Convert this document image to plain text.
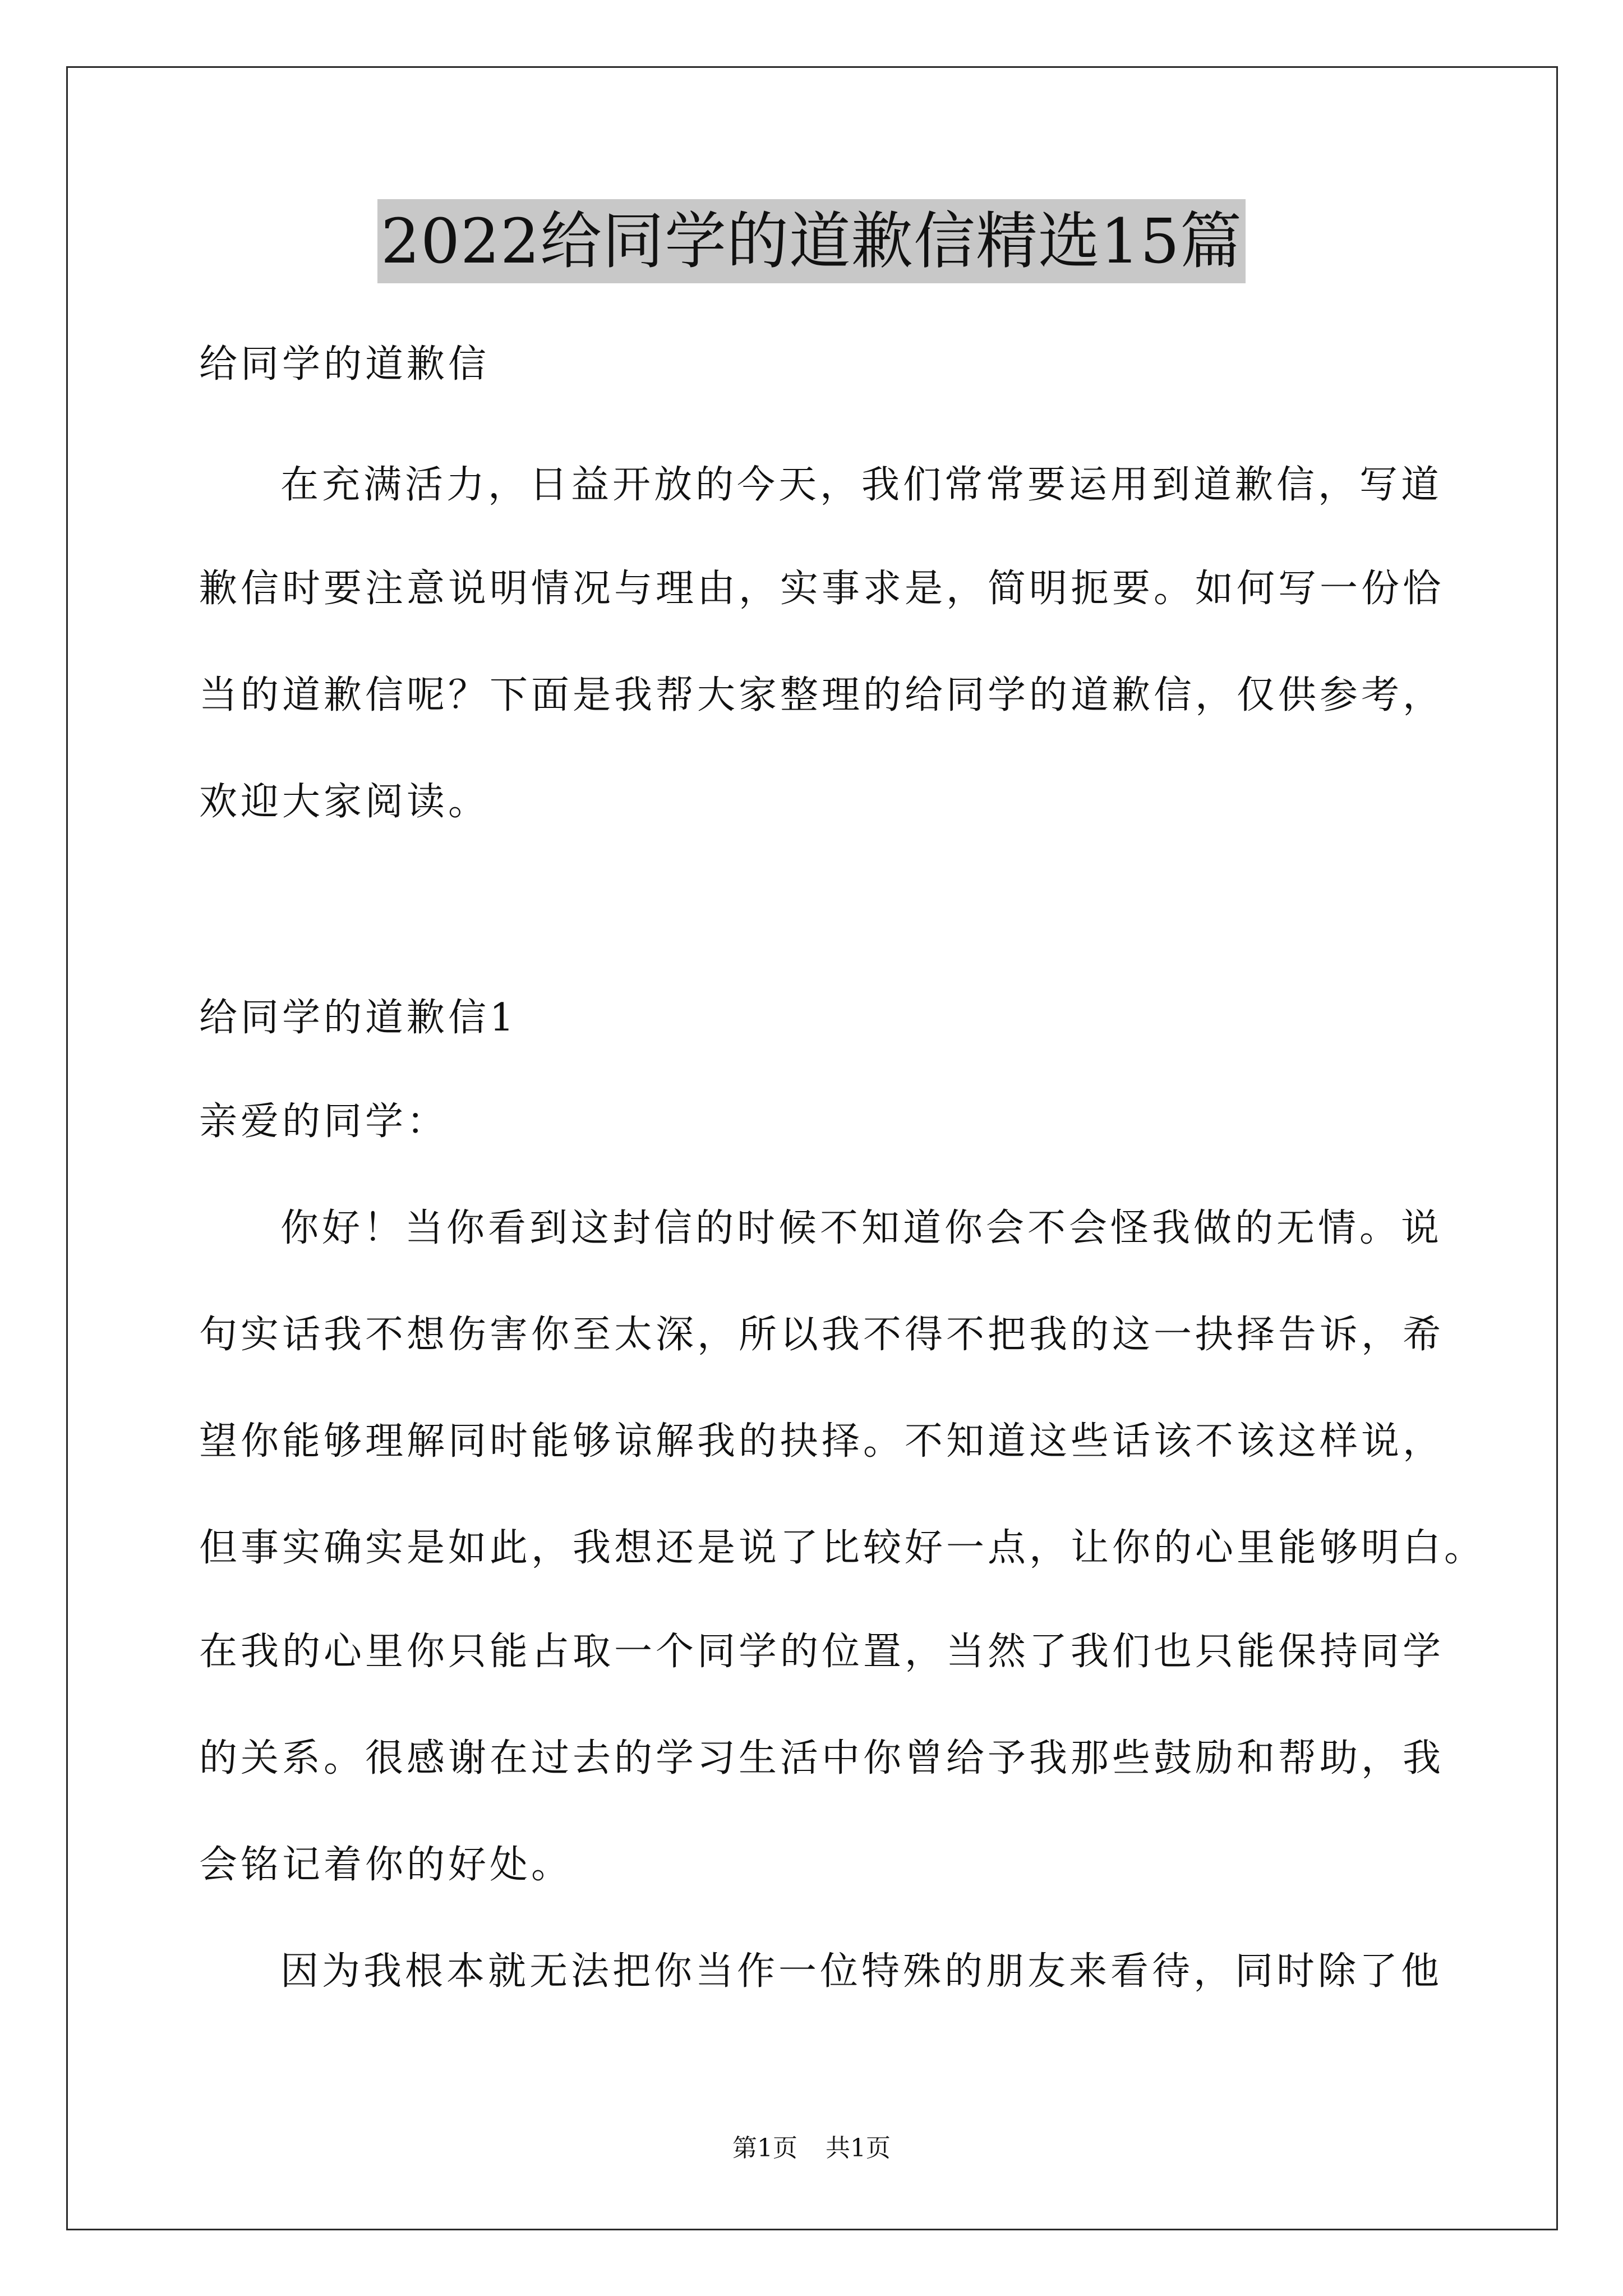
2022给同学的道歉信精选15篇
给同学的道歉信
在充满活力，日益开放的今天，我们常常要运用到道歉信，写道
歉信时要注意说明情况与理由，实事求是，简明扼要。如何写一份恰
当的道歉信呢？下面是我帮大家整理的给同学的道歉信，仅供参考，
欢迎大家阅读。
给同学的道歉信1
亲爱的同学：
你好！当你看到这封信的时候不知道你会不会怪我做的无情。说
句实话我不想伤害你至太深，所以我不得不把我的这一抉择告诉，希
望你能够理解同时能够谅解我的抉择。不知道这些话该不该这样说，
但事实确实是如此，我想还是说了比较好一点，让你的心里能够明白。
在我的心里你只能占取一个同学的位置，当然了我们也只能保持同学
的关系。很感谢在过去的学习生活中你曾给予我那些鼓励和帮助，我
会铭记着你的好处。
因为我根本就无法把你当作一位特殊的朋友来看待，同时除了他
第1页 共1页
